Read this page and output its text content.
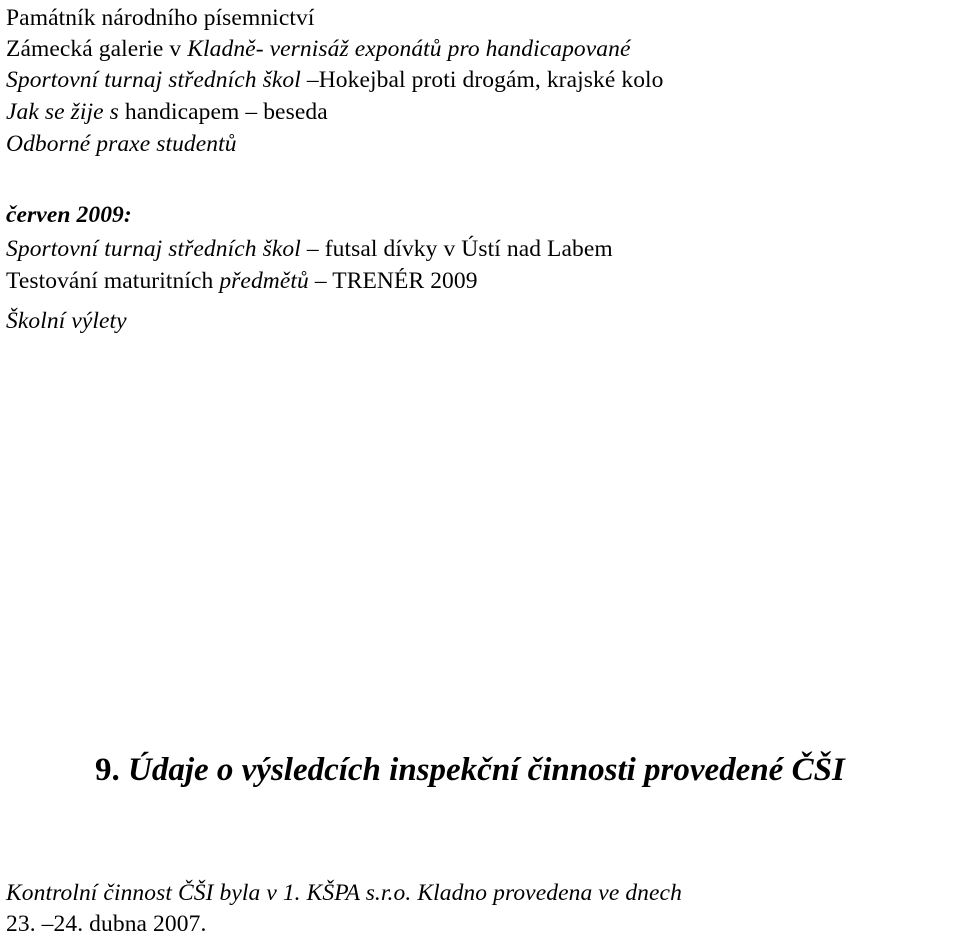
Památník národního písemnictví
Zámecká galerie v Kladně- vernisáž exponátů pro handicapované
Sportovní turnaj středních škol –Hokejbal proti drogám, krajské kolo
Jak se žije s handicapem – beseda
Odborné praxe studentů
červen 2009:
Sportovní turnaj středních škol – futsal dívky v Ústí nad Labem
Testování maturitních předmětů – TRENÉR 2009
Školní výlety
9. Údaje o výsledcích inspekční činnosti provedené ČŠI
Kontrolní činnost ČŠI byla v 1. KŠPA s.r.o. Kladno provedena ve dnech
23. –24. dubna 2007.
